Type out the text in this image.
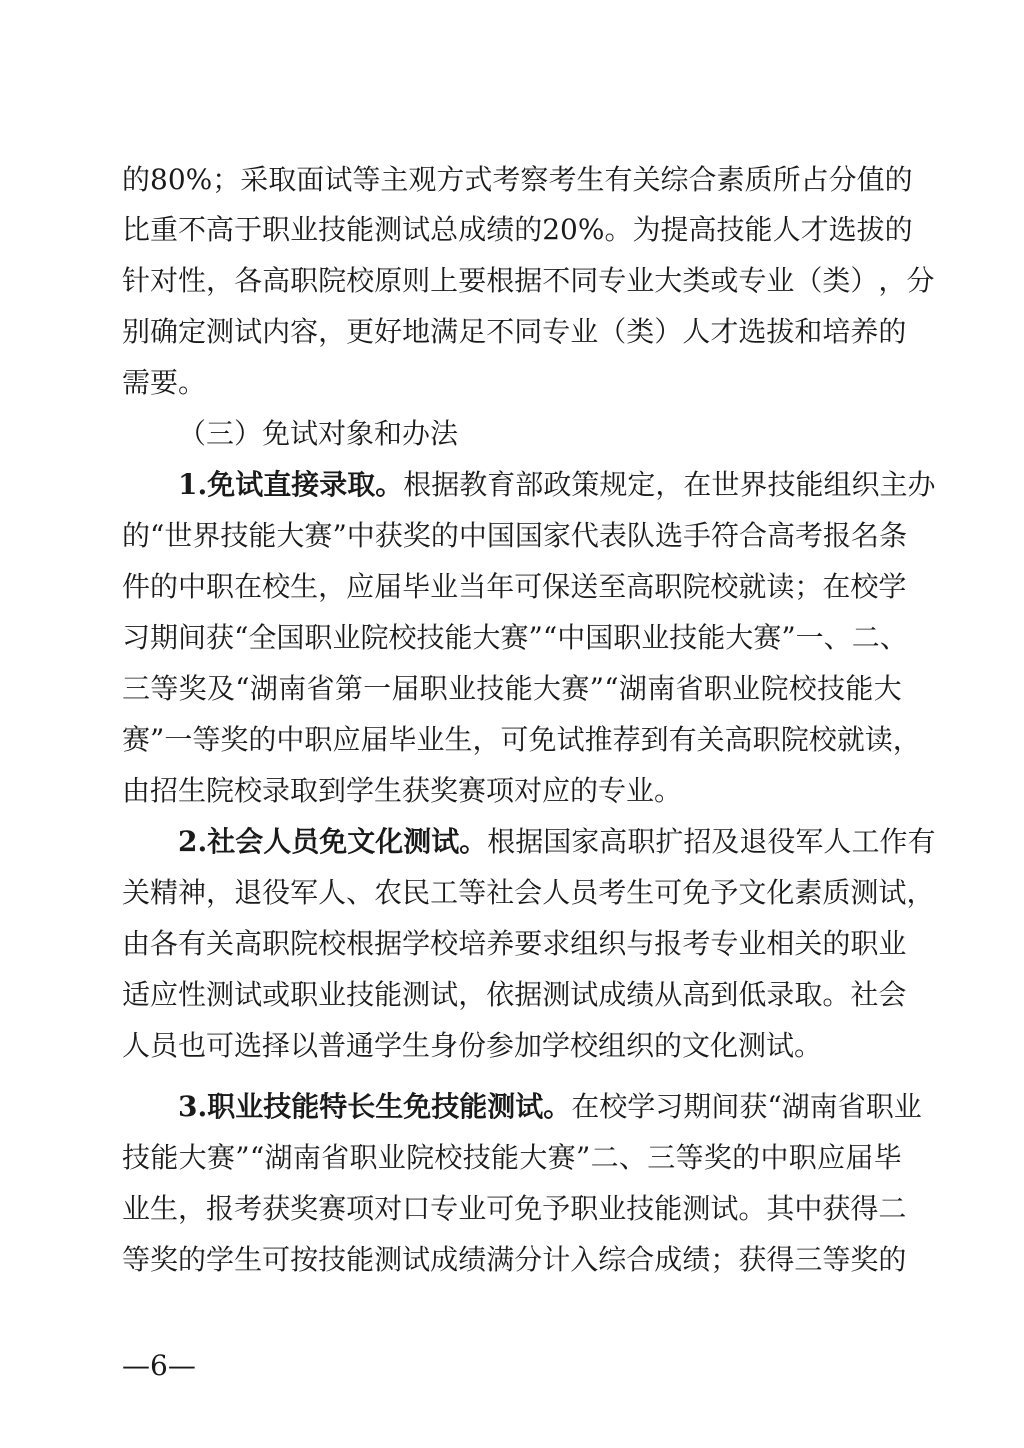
的 80% ； 采 取 面 试 等 主 观 方 式 考 察 考 生 有 关 综 合 素 质 所 占 分 值 的
比 重 不 高 于 职 业 技 能 测 试 总 成 绩 的 20% 。 为 提 高 技 能 人 才 选 拔 的
针 对 性 ， 各 高 职 院 校 原 则 上 要 根 据 不 同 专 业 大 类 或 专 业 （ 类 ） ， 分
别 确 定 测 试 内 容 ， 更 好 地 满 足 不 同 专 业 （ 类 ） 人 才 选 拔 和 培 养 的
需要。
（三）免试对象和办法
1.免试直接录取。 根 据 教 育 部 政 策 规 定 ， 在 世 界 技 能 组 织 主 办
的 “ 世 界 技 能 大 赛 ” 中 获 奖 的 中 国 国 家 代 表 队 选 手 符 合 高 考 报 名 条
件 的 中 职 在 校 生 ， 应 届 毕 业 当 年 可 保 送 至 高 职 院 校 就 读 ； 在 校 学
习 期 间 获 “ 全 国 职 业 院 校 技 能 大 赛 ” “ 中 国 职 业 技 能 大 赛 ” 一 、 二 、
三 等 奖 及 “ 湖 南 省 第 一 届 职 业 技 能 大 赛 ” “ 湖 南 省 职 业 院 校 技 能 大
赛 ” 一 等 奖 的 中 职 应 届 毕 业 生 ， 可 免 试 推 荐 到 有 关 高 职 院 校 就 读 ，
由招生院校录取到学生获奖赛项对应的专业。
2.社会人员免文化测试。 根 据 国 家 高 职 扩 招 及 退 役 军 人 工 作 有
关 精 神 ， 退 役 军 人 、 农 民 工 等 社 会 人 员 考 生 可 免 予 文 化 素 质 测 试 ，
由 各 有 关 高 职 院 校 根 据 学 校 培 养 要 求 组 织 与 报 考 专 业 相 关 的 职 业
适 应 性 测 试 或 职 业 技 能 测 试 ， 依 据 测 试 成 绩 从 高 到 低 录 取 。 社 会
人员也可选择以普通学生身份参加学校组织的文化测试。
3.职业技能特长生免技能测试。 在 校 学 习 期 间 获 “ 湖 南 省 职 业
技 能 大 赛 ” “ 湖 南 省 职 业 院 校 技 能 大 赛 ” 二 、 三 等 奖 的 中 职 应 届 毕
业 生 ， 报 考 获 奖 赛 项 对 口 专 业 可 免 予 职 业 技 能 测 试 。 其 中 获 得 二
等 奖 的 学 生 可 按 技 能 测 试 成 绩 满 分 计 入 综 合 成 绩 ； 获 得 三 等 奖 的
—6—
